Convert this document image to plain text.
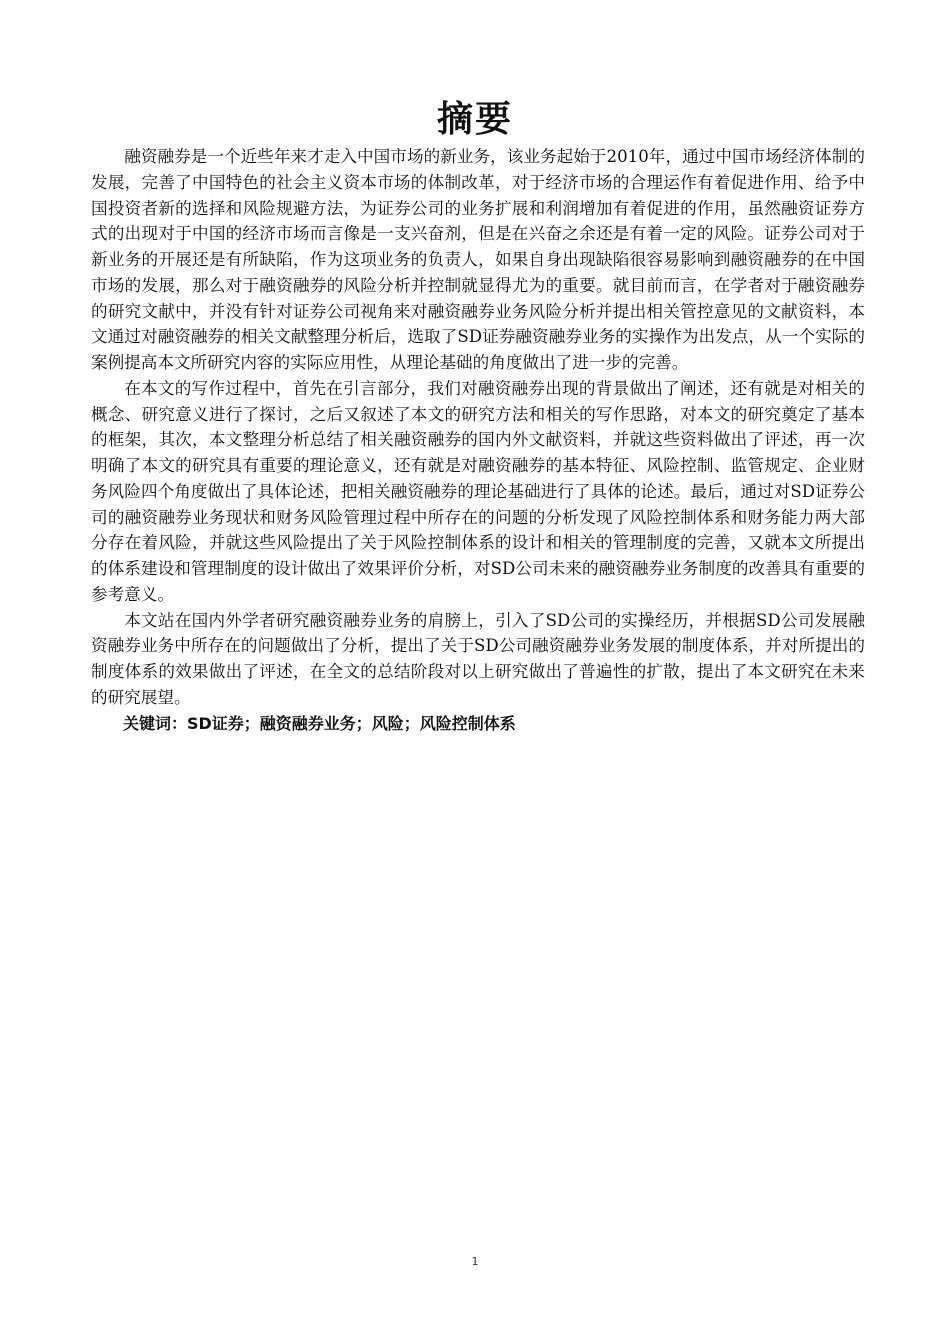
摘要

融资融券是一个近些年来才走入中国市场的新业务，该业务起始于2010年，通过中国市场经济体制的发展，完善了中国特色的社会主义资本市场的体制改革，对于经济市场的合理运作有着促进作用、给予中国投资者新的选择和风险规避方法，为证券公司的业务扩展和利润增加有着促进的作用，虽然融资证券方式的出现对于中国的经济市场而言像是一支兴奋剂，但是在兴奋之余还是有着一定的风险。证券公司对于新业务的开展还是有所缺陷，作为这项业务的负责人，如果自身出现缺陷很容易影响到融资融券的在中国市场的发展，那么对于融资融券的风险分析并控制就显得尤为的重要。就目前而言，在学者对于融资融券的研究文献中，并没有针对证券公司视角来对融资融券业务风险分析并提出相关管控意见的文献资料，本文通过对融资融券的相关文献整理分析后，选取了SD证券融资融券业务的实操作为出发点，从一个实际的案例提高本文所研究内容的实际应用性，从理论基础的角度做出了进一步的完善。

在本文的写作过程中，首先在引言部分，我们对融资融券出现的背景做出了阐述，还有就是对相关的概念、研究意义进行了探讨，之后又叙述了本文的研究方法和相关的写作思路，对本文的研究奠定了基本的框架，其次，本文整理分析总结了相关融资融券的国内外文献资料，并就这些资料做出了评述，再一次明确了本文的研究具有重要的理论意义，还有就是对融资融券的基本特征、风险控制、监管规定、企业财务风险四个角度做出了具体论述，把相关融资融券的理论基础进行了具体的论述。最后，通过对SD证券公司的融资融券业务现状和财务风险管理过程中所存在的问题的分析发现了风险控制体系和财务能力两大部分存在着风险，并就这些风险提出了关于风险控制体系的设计和相关的管理制度的完善，又就本文所提出的体系建设和管理制度的设计做出了效果评价分析，对SD公司未来的融资融券业务制度的改善具有重要的参考意义。

本文站在国内外学者研究融资融券业务的肩膀上，引入了SD公司的实操经历，并根据SD公司发展融资融券业务中所存在的问题做出了分析，提出了关于SD公司融资融券业务发展的制度体系，并对所提出的制度体系的效果做出了评述，在全文的总结阶段对以上研究做出了普遍性的扩散，提出了本文研究在未来的研究展望。

关键词：SD证券；融资融券业务；风险；风险控制体系

1
